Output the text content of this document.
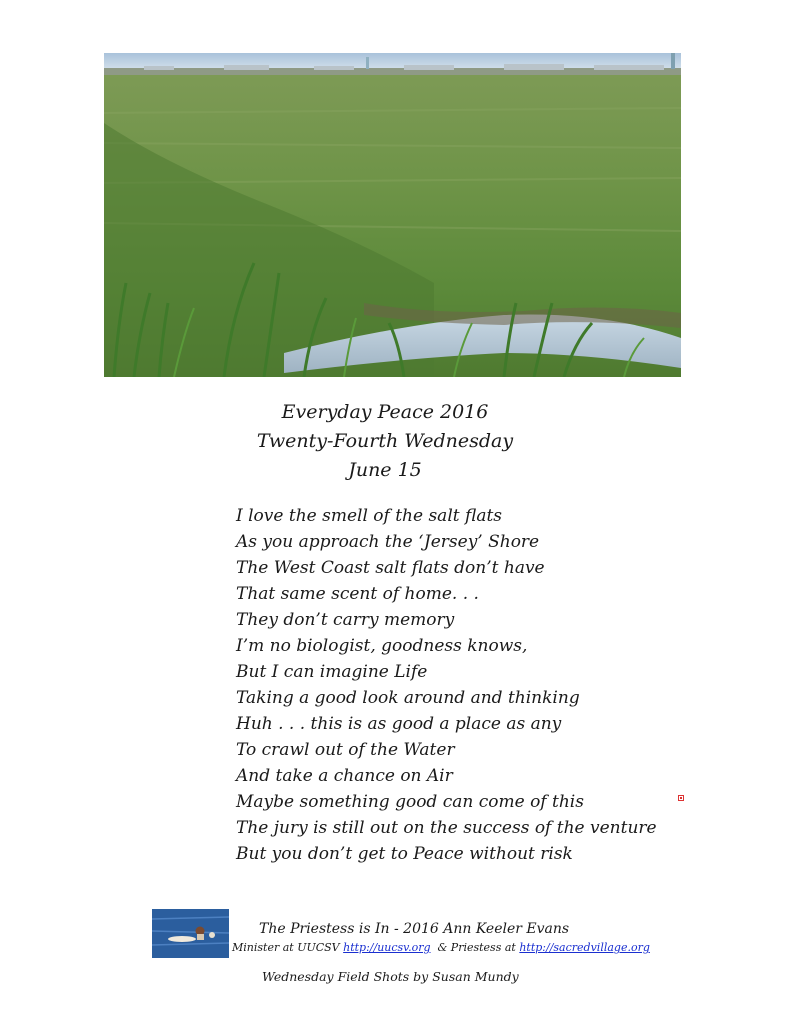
Everyday Peace 2016
Twenty-Fourth Wednesday
June 15
I love the smell of the salt flats
As you approach the ‘Jersey’ Shore
The West Coast salt flats don’t have
That same scent of home. . .
They don’t carry memory
I’m no biologist, goodness knows,
But I can imagine Life
Taking a good look around and thinking
Huh . . . this is as good a place as any
To crawl out of the Water
And take a chance on Air
Maybe something good can come of this
The jury is still out on the success of the venture
But you don’t get to Peace without risk
The Priestess is In - 2016 Ann Keeler Evans
Minister at UUCSV http://uucsv.org  & Priestess at http://sacredvillage.org
Wednesday Field Shots by Susan Mundy
